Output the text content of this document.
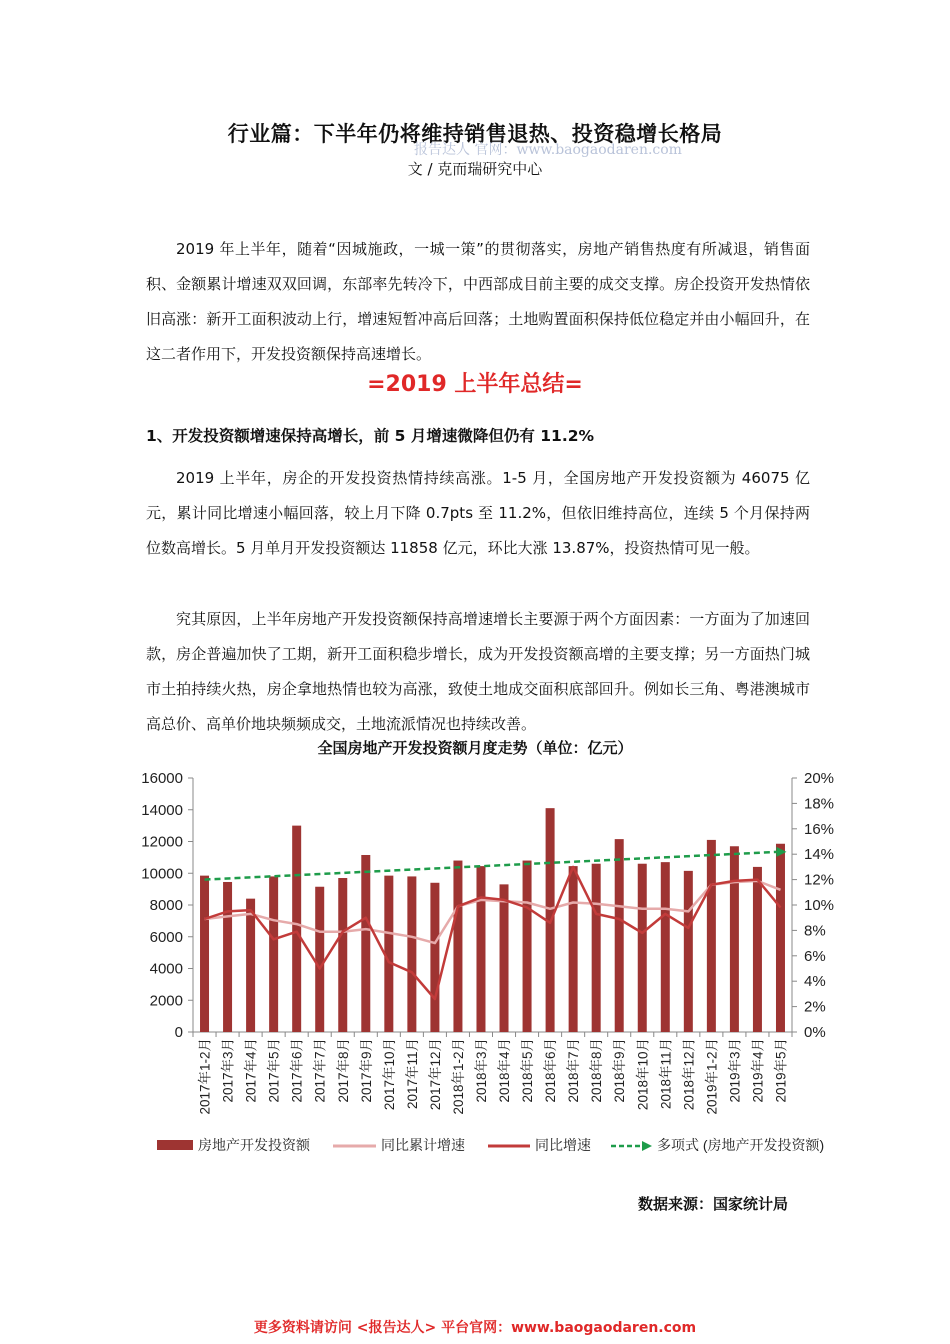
行业篇：下半年仍将维持销售退热、投资稳增长格局
报告达人 官网：www.baogaodaren.com
文 / 克而瑞研究中心

2019 年上半年，随着“因城施政，一城一策”的贯彻落实，房地产销售热度有所减退，销售面积、金额累计增速双双回调，东部率先转冷下，中西部成目前主要的成交支撑。房企投资开发热情依旧高涨：新开工面积波动上行，增速短暂冲高后回落；土地购置面积保持低位稳定并由小幅回升，在这二者作用下，开发投资额保持高速增长。

=2019 上半年总结=
1、开发投资额增速保持高增长，前 5 月增速微降但仍有 11.2%

2019 上半年，房企的开发投资热情持续高涨。1-5 月，全国房地产开发投资额为 46075 亿元，累计同比增速小幅回落，较上月下降 0.7pts 至 11.2%，但依旧维持高位，连续 5 个月保持两位数高增长。5 月单月开发投资额达 11858 亿元，环比大涨 13.87%，投资热情可见一般。

究其原因，上半年房地产开发投资额保持高增速增长主要源于两个方面因素：一方面为了加速回款，房企普遍加快了工期，新开工面积稳步增长，成为开发投资额高增的主要支撑；另一方面热门城市土拍持续火热，房企拿地热情也较为高涨，致使土地成交面积底部回升。例如长三角、粤港澳城市高总价、高单价地块频频成交，土地流派情况也持续改善。

全国房地产开发投资额月度走势（单位：亿元）
0
2000
4000
6000
8000
10000
12000
14000
16000
0%
2%
4%
6%
8%
10%
12%
14%
16%
18%
20%
2017年1-2月 2017年3月 2017年4月 2017年5月 2017年6月 2017年7月 2017年8月 2017年9月 2017年10月 2017年11月 2017年12月 2018年1-2月 2018年3月 2018年4月 2018年5月 2018年6月 2018年7月 2018年8月 2018年9月 2018年10月 2018年11月 2018年12月 2019年1-2月 2019年3月 2019年4月 2019年5月
房地产开发投资额	同比累计增速	同比增速	多项式 (房地产开发投资额)
数据来源：国家统计局
更多资料请访问 <报告达人> 平台官网：www.baogaodaren.com
